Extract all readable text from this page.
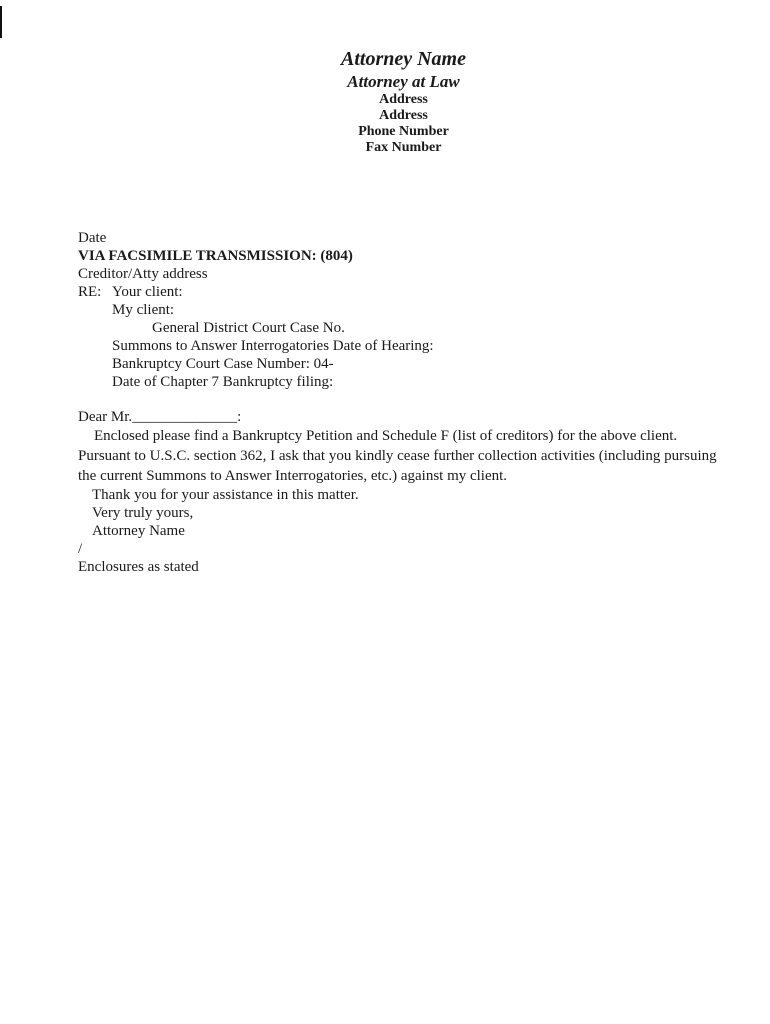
Attorney Name
Attorney at Law
Address
Address
Phone Number
Fax Number

Date

VIA FACSIMILE TRANSMISSION: (804)

Creditor/Atty address

RE: Your client:

My client:

General District Court Case No.

Summons to Answer Interrogatories Date of Hearing:

Bankruptcy Court Case Number: 04-

Date of Chapter 7 Bankruptcy filing:

Dear Mr.______________:

Enclosed please find a Bankruptcy Petition and Schedule F (list of creditors) for the above client. Pursuant to U.S.C. section 362, I ask that you kindly cease further collection activities (including pursuing the current Summons to Answer Interrogatories, etc.) against my client.

Thank you for your assistance in this matter.

Very truly yours,

Attorney Name

/

Enclosures as stated
